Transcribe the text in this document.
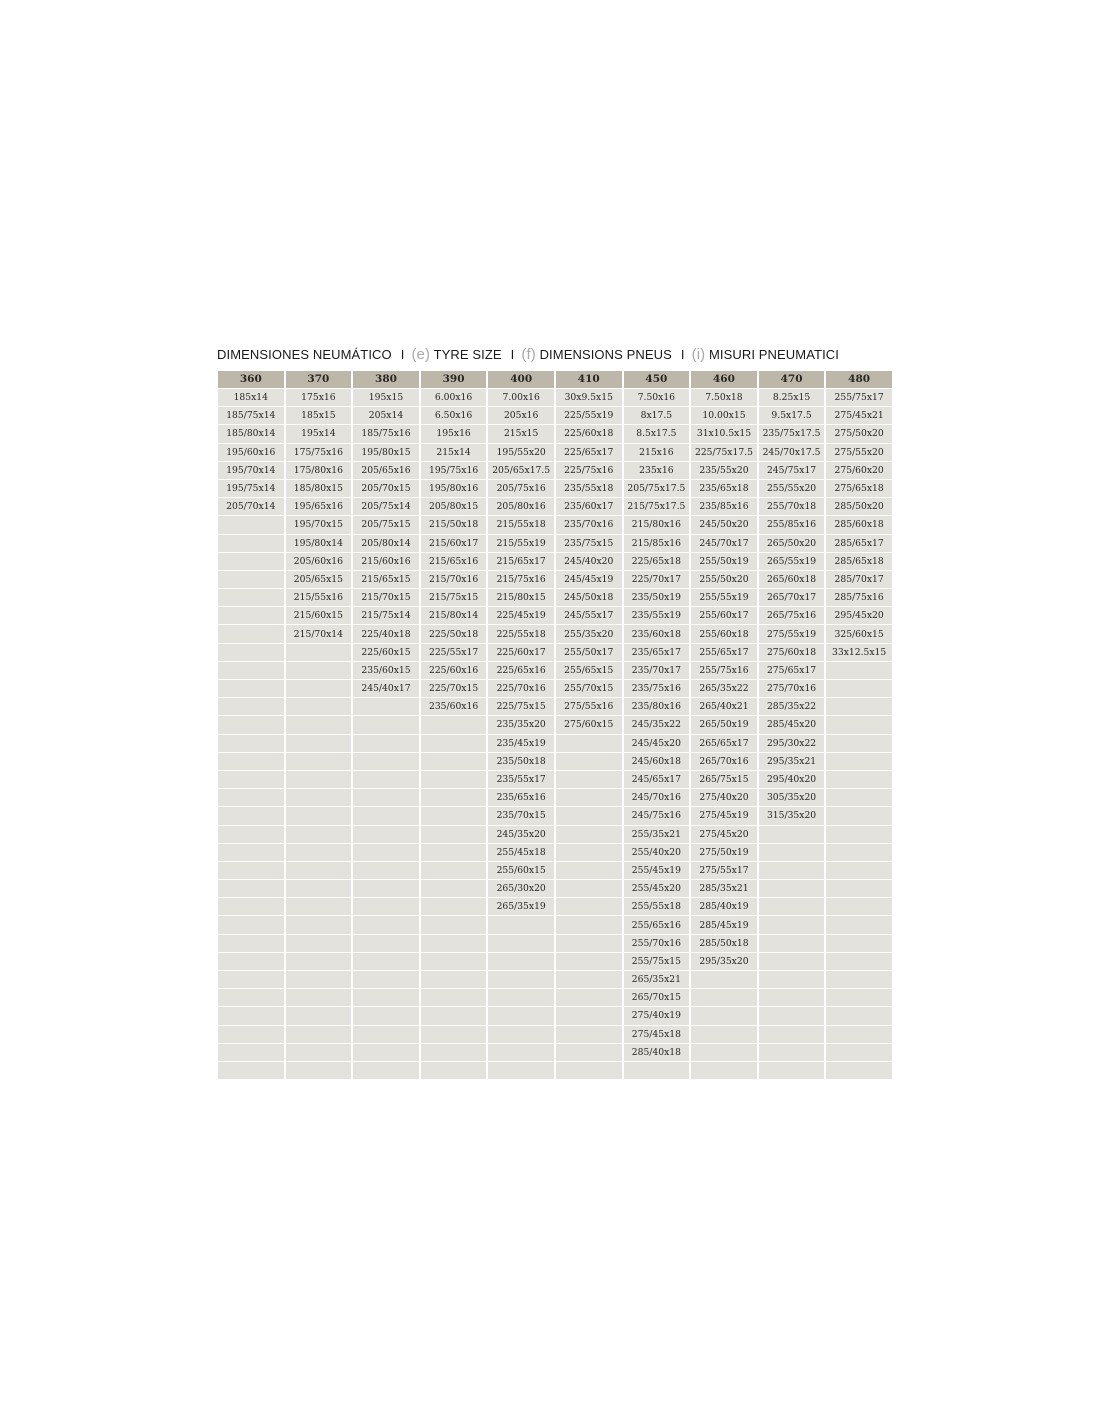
DIMENSIONES NEUMÁTICO I (e) TYRE SIZE I (f) DIMENSIONS PNEUS I (i) MISURI PNEUMATICI
360	370	380	390	400	410	450	460	470	480
185x14	175x16	195x15	6.00x16	7.00x16	30x9.5x15	7.50x16	7.50x18	8.25x15	255/75x17
185/75x14	185x15	205x14	6.50x16	205x16	225/55x19	8x17.5	10.00x15	9.5x17.5	275/45x21
185/80x14	195x14	185/75x16	195x16	215x15	225/60x18	8.5x17.5	31x10.5x15	235/75x17.5	275/50x20
195/60x16	175/75x16	195/80x15	215x14	195/55x20	225/65x17	215x16	225/75x17.5	245/70x17.5	275/55x20
195/70x14	175/80x16	205/65x16	195/75x16	205/65x17.5	225/75x16	235x16	235/55x20	245/75x17	275/60x20
195/75x14	185/80x15	205/70x15	195/80x16	205/75x16	235/55x18	205/75x17.5	235/65x18	255/55x20	275/65x18
205/70x14	195/65x16	205/75x14	205/80x15	205/80x16	235/60x17	215/75x17.5	235/85x16	255/70x18	285/50x20
	195/70x15	205/75x15	215/50x18	215/55x18	235/70x16	215/80x16	245/50x20	255/85x16	285/60x18
	195/80x14	205/80x14	215/60x17	215/55x19	235/75x15	215/85x16	245/70x17	265/50x20	285/65x17
	205/60x16	215/60x16	215/65x16	215/65x17	245/40x20	225/65x18	255/50x19	265/55x19	285/65x18
	205/65x15	215/65x15	215/70x16	215/75x16	245/45x19	225/70x17	255/50x20	265/60x18	285/70x17
	215/55x16	215/70x15	215/75x15	215/80x15	245/50x18	235/50x19	255/55x19	265/70x17	285/75x16
	215/60x15	215/75x14	215/80x14	225/45x19	245/55x17	235/55x19	255/60x17	265/75x16	295/45x20
	215/70x14	225/40x18	225/50x18	225/55x18	255/35x20	235/60x18	255/60x18	275/55x19	325/60x15
		225/60x15	225/55x17	225/60x17	255/50x17	235/65x17	255/65x17	275/60x18	33x12.5x15
		235/60x15	225/60x16	225/65x16	255/65x15	235/70x17	255/75x16	275/65x17	
		245/40x17	225/70x15	225/70x16	255/70x15	235/75x16	265/35x22	275/70x16	
			235/60x16	225/75x15	275/55x16	235/80x16	265/40x21	285/35x22	
				235/35x20	275/60x15	245/35x22	265/50x19	285/45x20	
				235/45x19		245/45x20	265/65x17	295/30x22	
				235/50x18		245/60x18	265/70x16	295/35x21	
				235/55x17		245/65x17	265/75x15	295/40x20	
				235/65x16		245/70x16	275/40x20	305/35x20	
				235/70x15		245/75x16	275/45x19	315/35x20	
				245/35x20		255/35x21	275/45x20		
				255/45x18		255/40x20	275/50x19		
				255/60x15		255/45x19	275/55x17		
				265/30x20		255/45x20	285/35x21		
				265/35x19		255/55x18	285/40x19		
						255/65x16	285/45x19		
						255/70x16	285/50x18		
						255/75x15	295/35x20		
						265/35x21			
						265/70x15			
						275/40x19			
						275/45x18			
						285/40x18			
